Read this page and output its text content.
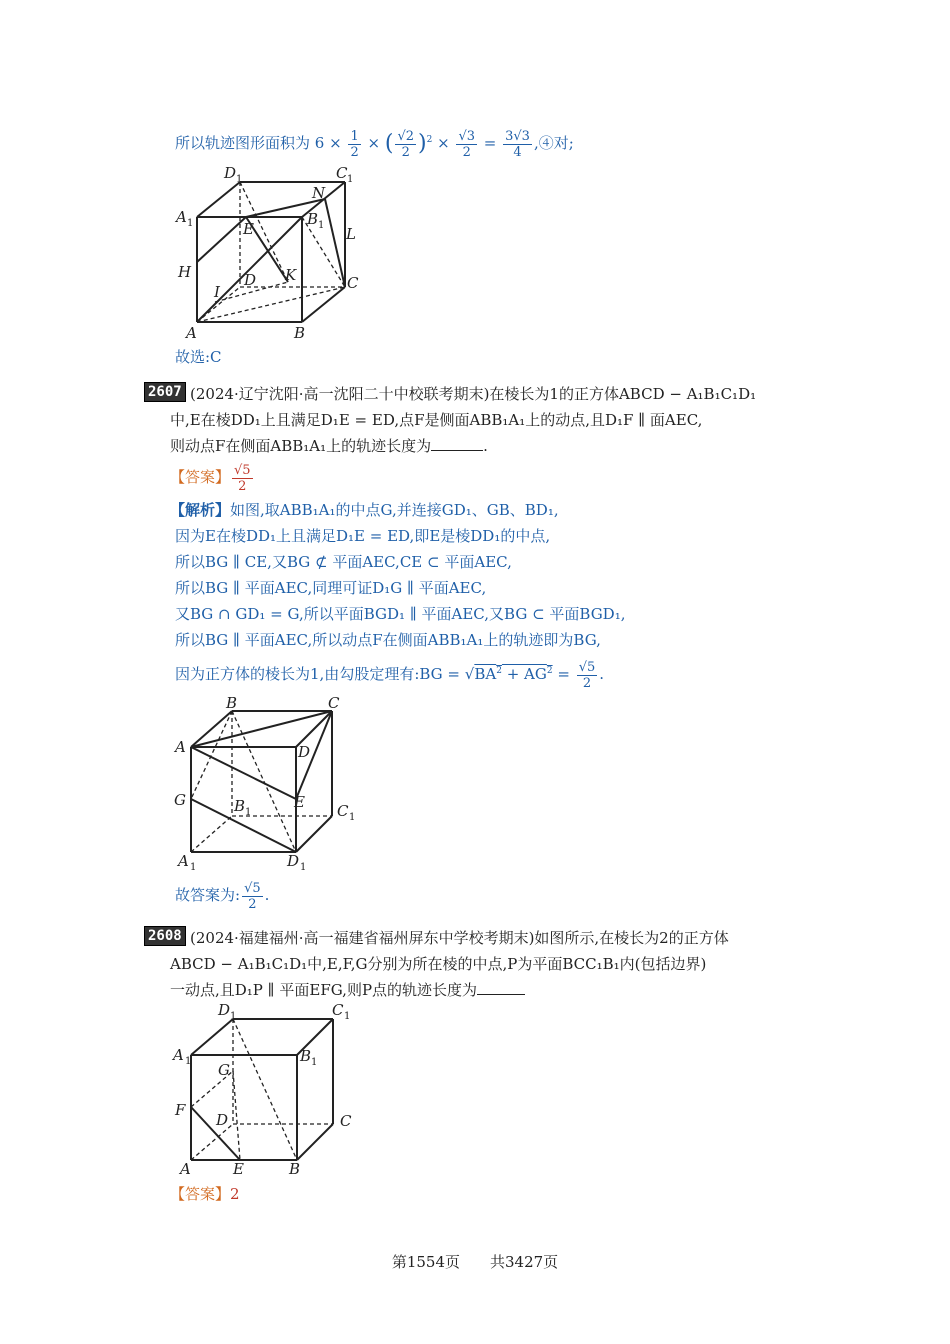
所以轨迹图形面积为 $6 \times \frac{1}{2}$ × ( $\frac{√2}{2} )^2 \times \frac{√3}{2} = \frac{3√3}{4}$ ,④对;
D 1	C 1
A 1	B 1
N
E	L
H	D K	C
I
A	B
故选:C
2607 (2024·辽宁沈阳·高一沈阳二十中校联考期末)在棱长为1的正方体ABCD − A₁B₁C₁D₁
中,E在棱DD₁上且满足D₁E = ED,点F是侧面ABB₁A₁上的动点,且D₁F ∥ 面AEC,
则动点F在侧面ABB₁A₁上的轨迹长度为	.
【答案】 $\frac{√5}{2}$
【解析】如图,取ABB₁A₁的中点G,并连接GD₁、GB、BD₁,
因为E在棱DD₁上且满足D₁E = ED,即E是棱DD₁的中点,
所以BG ∥ CE,又BG ⊄ 平面AEC,CE ⊂ 平面AEC,
所以BG ∥ 平面AEC,同理可证D₁G ∥ 平面AEC,
又BG ∩ GD₁ = G,所以平面BGD₁ ∥ 平面AEC,又BG ⊂ 平面BGD₁,
所以BG ∥ 平面AEC,所以动点F在侧面ABB₁A₁上的轨迹即为BG,
因为正方体的棱长为1,由勾股定理有:BG = $√BA^2 + AG^2 = \frac{√5}{2}$ .
B	C
A	D
G	B 1
E C 1
A 1	D 1
故答案为: $\frac{√5}{2}$ .
2608 (2024·福建福州·高一福建省福州屏东中学校考期末)如图所示,在棱长为2的正方体
ABCD − A₁B₁C₁D₁中,E,F,G分别为所在棱的中点,P为平面BCC₁B₁内(包括边界)
一动点,且D₁P ∥ 平面EFG,则P点的轨迹长度为
D 1	C 1
A 1	B 1
G
F
D	C
A	E	B
【答案】2
第1554页　　共3427页
